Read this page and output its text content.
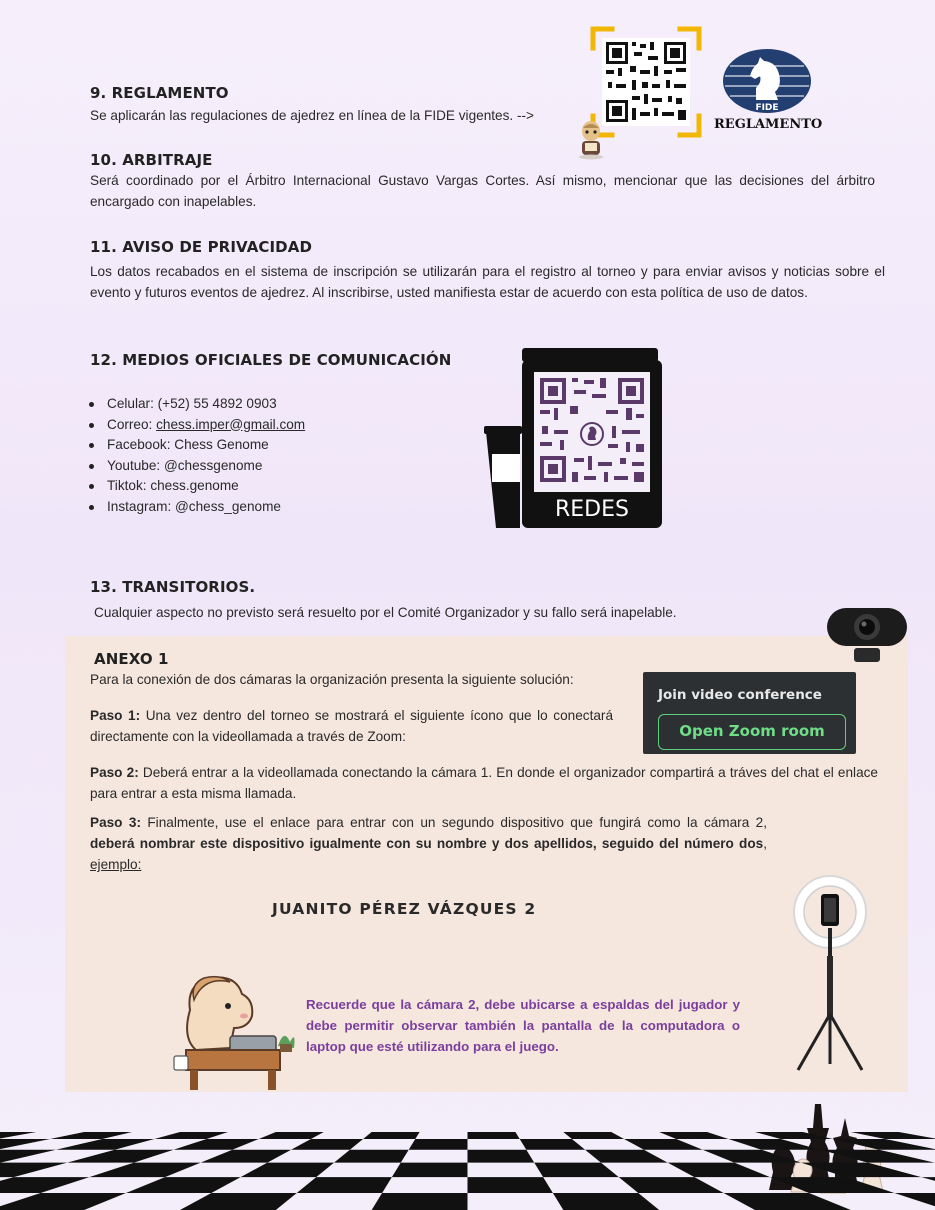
9. REGLAMENTO
Se aplicarán las regulaciones de ajedrez en línea de la FIDE vigentes. -->	FIDE
REGLAMENTO
10. ARBITRAJE
Será coordinado por el Árbitro Internacional Gustavo Vargas Cortes. Así mismo, mencionar que las decisiones del árbitro encargado con inapelables.
11. AVISO DE PRIVACIDAD
Los datos recabados en el sistema de inscripción se utilizarán para el registro al torneo y para enviar avisos y noticias sobre el evento y futuros eventos de ajedrez. Al inscribirse, usted manifiesta estar de acuerdo con esta política de uso de datos.
12. MEDIOS OFICIALES DE COMUNICACIÓN
Celular: (+52) 55 4892 0903
Correo: chess.imper@gmail.com
Facebook: Chess Genome
Youtube: @chessgenome
Tiktok: chess.genome
Instagram: @chess_genome	REDES
13. TRANSITORIOS.
Cualquier aspecto no previsto será resuelto por el Comité Organizador y su fallo será inapelable.
ANEXO 1
Para la conexión de dos cámaras la organización presenta la siguiente solución:
Paso 1: Una vez dentro del torneo se mostrará el siguiente ícono que lo conectará directamente con la videollamada a través de Zoom:
Join video conference
Open Zoom room
Paso 2: Deberá entrar a la videollamada conectando la cámara 1. En donde el organizador compartirá a tráves del chat el enlace para entrar a esta misma llamada.
Paso 3: Finalmente, use el enlace para entrar con un segundo dispositivo que fungirá como la cámara 2, deberá nombrar este dispositivo igualmente con su nombre y dos apellidos, seguido del número dos, ejemplo:
JUANITO PÉREZ VÁZQUES 2
Recuerde que la cámara 2, debe ubicarse a espaldas del jugador y debe permitir observar también la pantalla de la computadora o laptop que esté utilizando para el juego.
